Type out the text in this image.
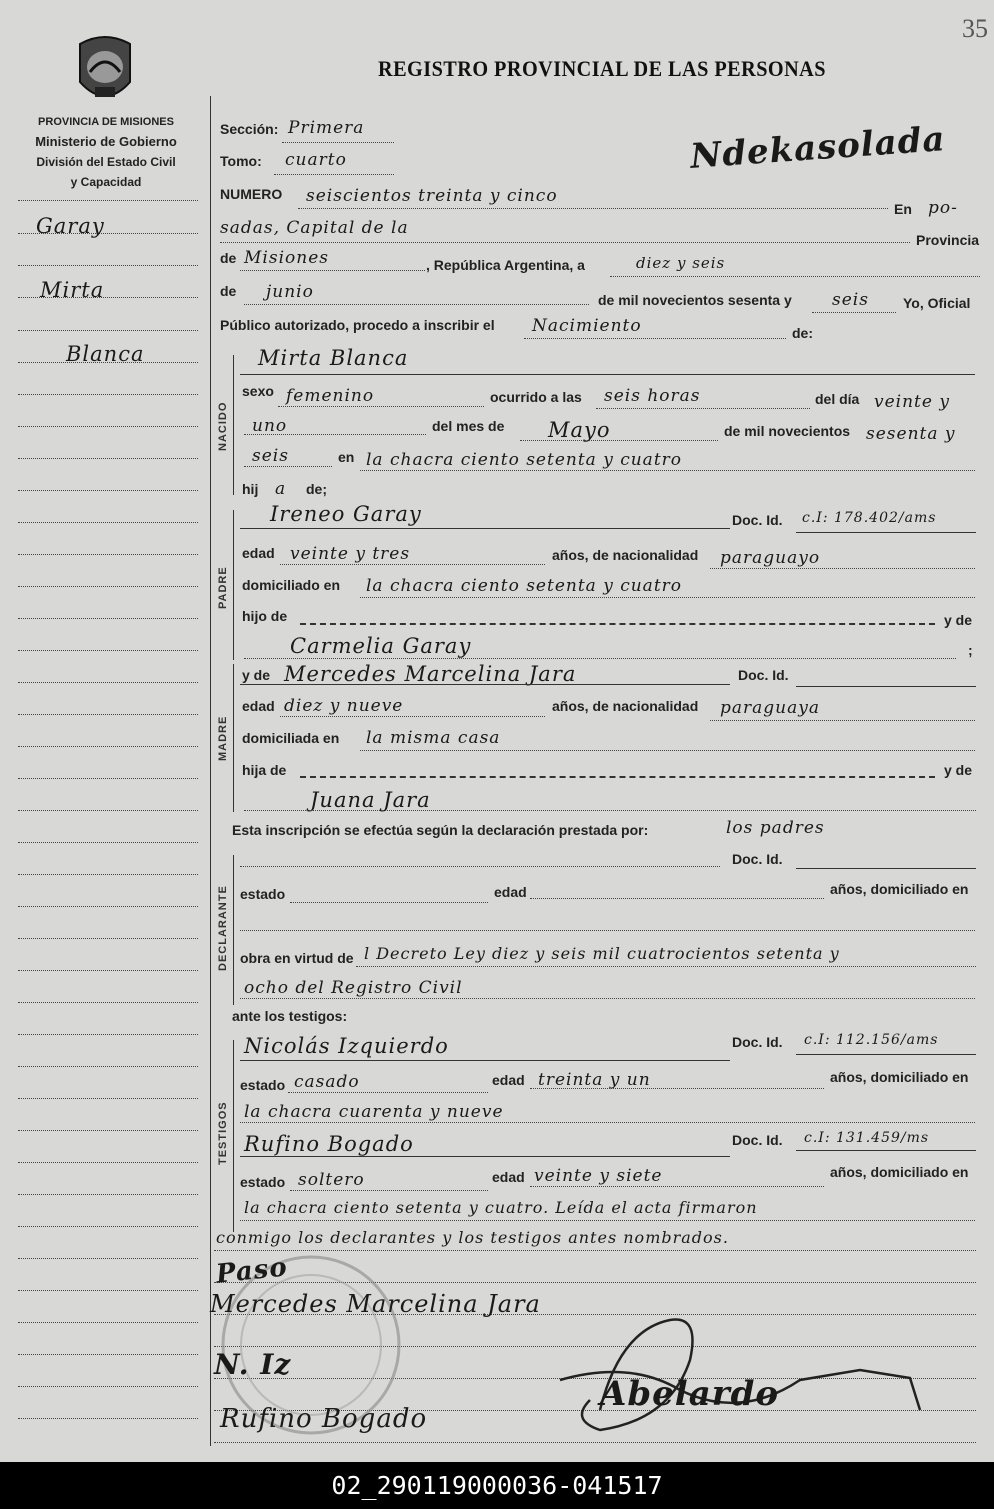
35
PROVINCIA DE MISIONES
Ministerio de Gobierno
División del Estado Civil
y Capacidad
REGISTRO PROVINCIAL DE LAS PERSONAS
Garay
Mirta
Blanca
Ndekasolada
Sección: Primera
Tomo: cuarto
NUMERO seiscientos treinta y cinco
En po-
sadas, Capital de la
Provincia
de Misiones	, República Argentina, a	diez y seis
de junio	de mil novecientos sesenta y seis Yo, Oficial
Público autorizado, procedo a inscribir el Nacimiento	de:
NACIDO
Mirta Blanca
sexo femenino	ocurrido a las seis horas	del día veinte y
uno	del mes de Mayo	de mil novecientos sesenta y
seis	en la chacra ciento setenta y cuatro
hij a de;
PADRE
Ireneo Garay	Doc. Id. c.I: 178.402/ams
edad veinte y tres	años, de nacionalidad paraguayo
domiciliado en la chacra ciento setenta y cuatro
hijo de	y de
Carmelia Garay	;
MADRE
y de Mercedes Marcelina Jara	Doc. Id.
edad diez y nueve	años, de nacionalidad paraguaya
domiciliada en la misma casa
hija de	y de
Juana Jara
Esta inscripción se efectúa según la declaración prestada por:	los padres
DECLARANTE
Doc. Id.
estado	edad	años, domiciliado en
obra en virtud de l Decreto Ley diez y seis mil cuatrocientos setenta y
ocho del Registro Civil
ante los testigos:
TESTIGOS
Nicolás Izquierdo	Doc. Id. c.I: 112.156/ams
estado casado	edad treinta y un	años, domiciliado en
la chacra cuarenta y nueve
Rufino Bogado	Doc. Id. c.I: 131.459/ms
estado soltero	edad veinte y siete	años, domiciliado en
la chacra ciento setenta y cuatro. Leída el acta firmaron
conmigo los declarantes y los testigos antes nombrados.
Paso
Mercedes Marcelina Jara
N. Iz
Rufino Bogado
Abelardo
02_290119000036-041517
